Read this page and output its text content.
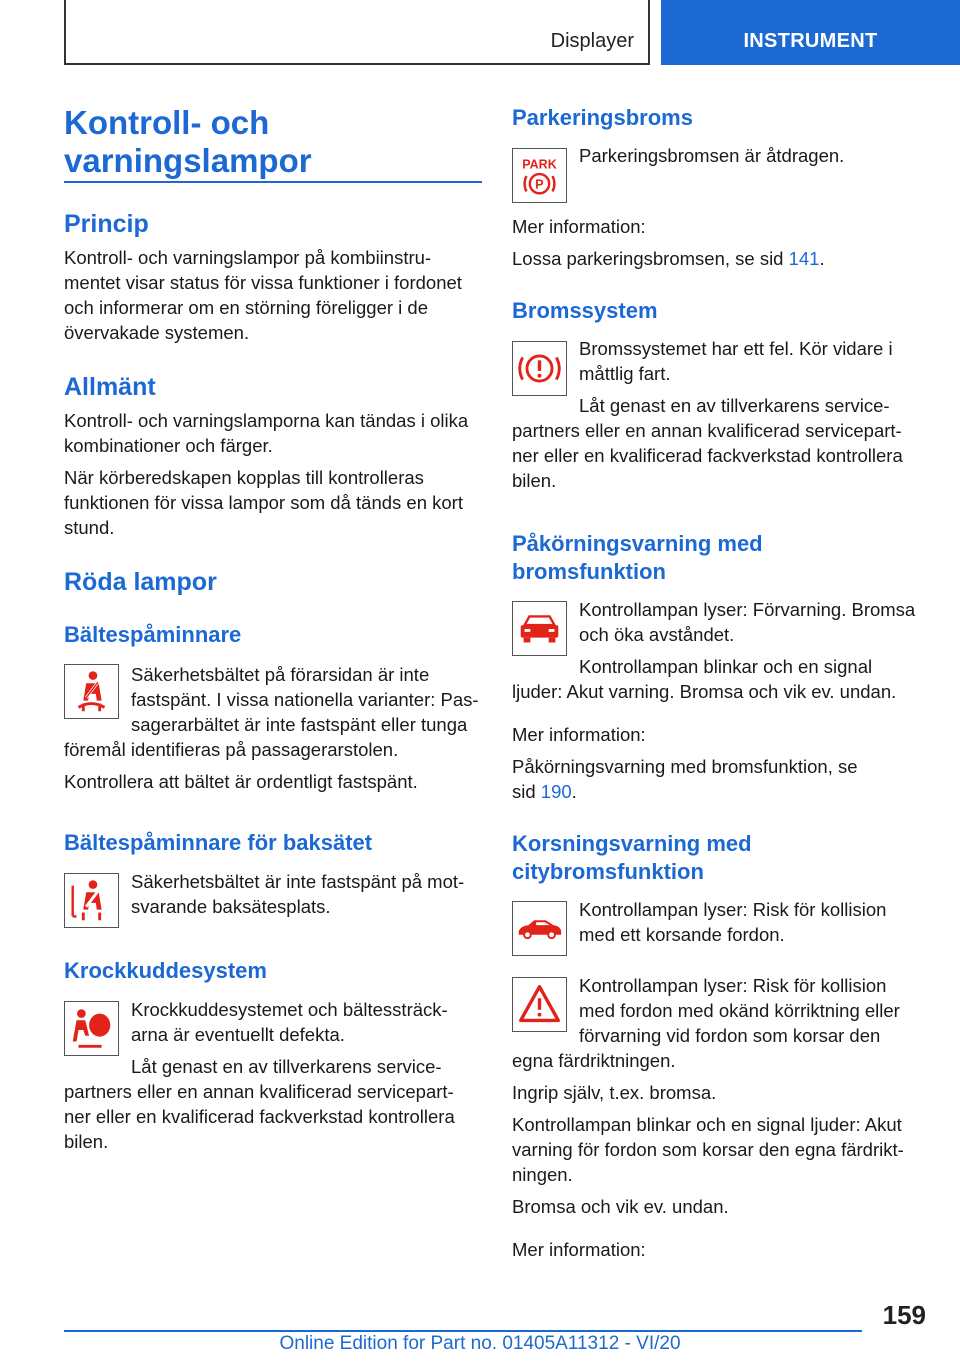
Displayer	INSTRUMENT
Kontroll- och
varningslampor
Princip
Kontroll- och varningslampor på kombiinstru-
mentet visar status för vissa funktioner i fordonet
och informerar om en störning föreligger i de
övervakade systemen.
Allmänt
Kontroll- och varningslamporna kan tändas i olika
kombinationer och färger.
När körberedskapen kopplas till kontrolleras
funktionen för vissa lampor som då tänds en kort
stund.
Röda lampor
Bältespåminnare
Säkerhetsbältet på förarsidan är inte
fastspänt. I vissa nationella varianter: Pas-
sagerarbältet är inte fastspänt eller tunga
föremål identifieras på passagerarstolen.
Kontrollera att bältet är ordentligt fastspänt.
Bältespåminnare för baksätet
Säkerhetsbältet är inte fastspänt på mot-
svarande baksätesplats.
Krockkuddesystem
Krockkuddesystemet och bältessträck-
arna är eventuellt defekta.
Låt genast en av tillverkarens service-
partners eller en annan kvalificerad servicepart-
ner eller en kvalificerad fackverkstad kontrollera
bilen.
Parkeringsbroms
PARK
P
Parkeringsbromsen är åtdragen.
Mer information:
Lossa parkeringsbromsen, se sid 141.
Bromssystem
Bromssystemet har ett fel. Kör vidare i
måttlig fart.
Låt genast en av tillverkarens service-
partners eller en annan kvalificerad servicepart-
ner eller en kvalificerad fackverkstad kontrollera
bilen.
Påkörningsvarning med
bromsfunktion
Kontrollampan lyser: Förvarning. Bromsa
och öka avståndet.
Kontrollampan blinkar och en signal
ljuder: Akut varning. Bromsa och vik ev. undan.
Mer information:
Påkörningsvarning med bromsfunktion, se
sid 190.
Korsningsvarning med
citybromsfunktion
Kontrollampan lyser: Risk för kollision
med ett korsande fordon.
Kontrollampan lyser: Risk för kollision
med fordon med okänd körriktning eller
förvarning vid fordon som korsar den
egna färdriktningen.
Ingrip själv, t.ex. bromsa.
Kontrollampan blinkar och en signal ljuder: Akut
varning för fordon som korsar den egna färdrikt-
ningen.
Bromsa och vik ev. undan.
Mer information:
159
Online Edition for Part no. 01405A11312 - VI/20
